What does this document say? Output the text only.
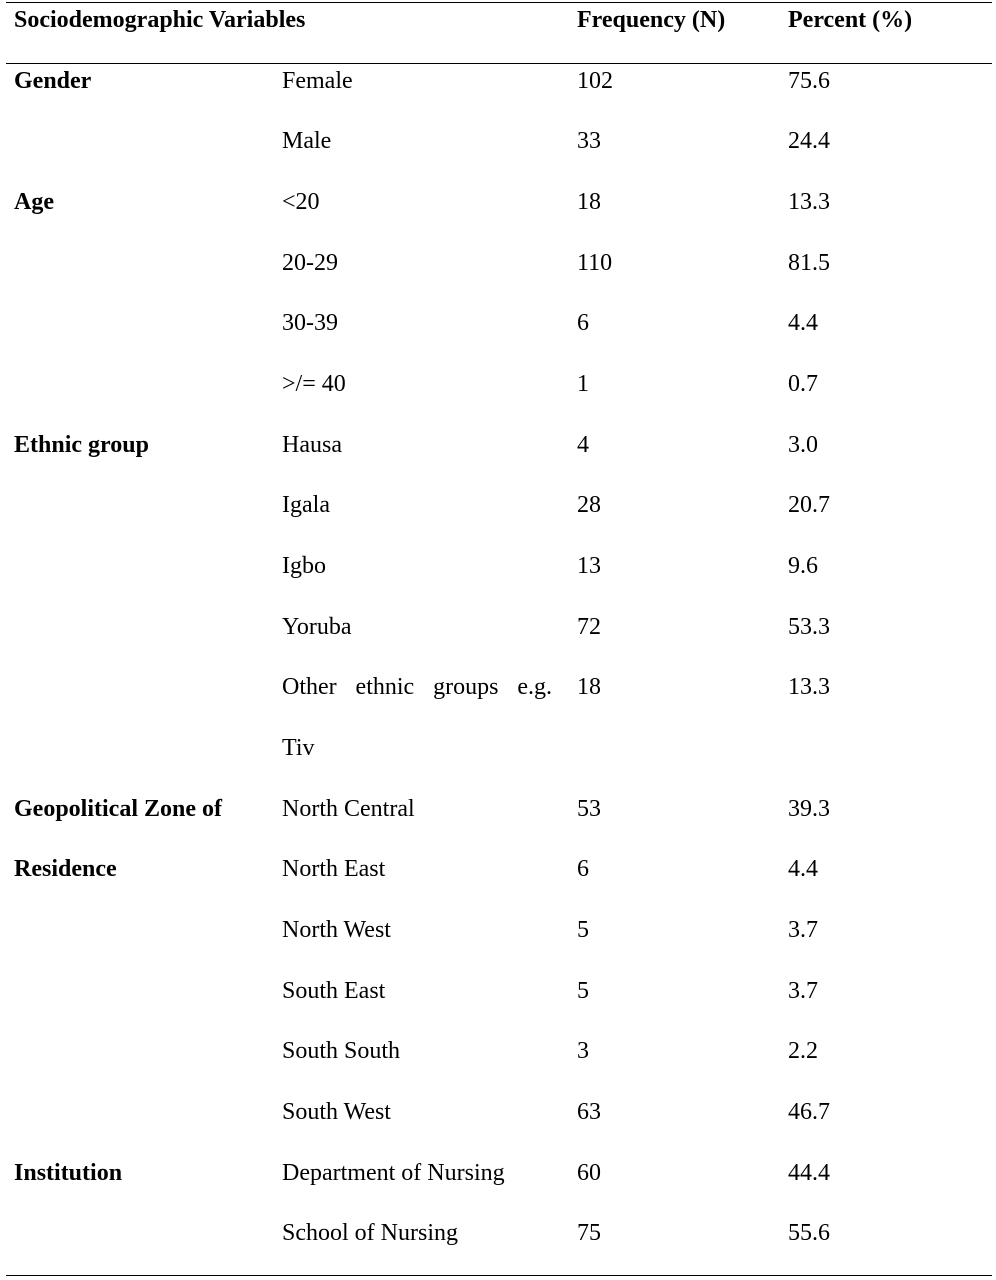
Sociodemographic Variables	Frequency (N)	Percent (%)
Gender	Female	102	75.6
Male	33	24.4
Age	<20	18	13.3
20-29	110	81.5
30-39	6	4.4
>/= 40	1	0.7
Ethnic group	Hausa	4	3.0
Igala	28	20.7
Igbo	13	9.6
Yoruba	72	53.3
Other ethnic groups e.g. 18	13.3
Tiv
Geopolitical Zone of	North Central	53	39.3
Residence	North East	6	4.4
North West	5	3.7
South East	5	3.7
South South	3	2.2
South West	63	46.7
Institution	Department of Nursing	60	44.4
School of Nursing	75	55.6
